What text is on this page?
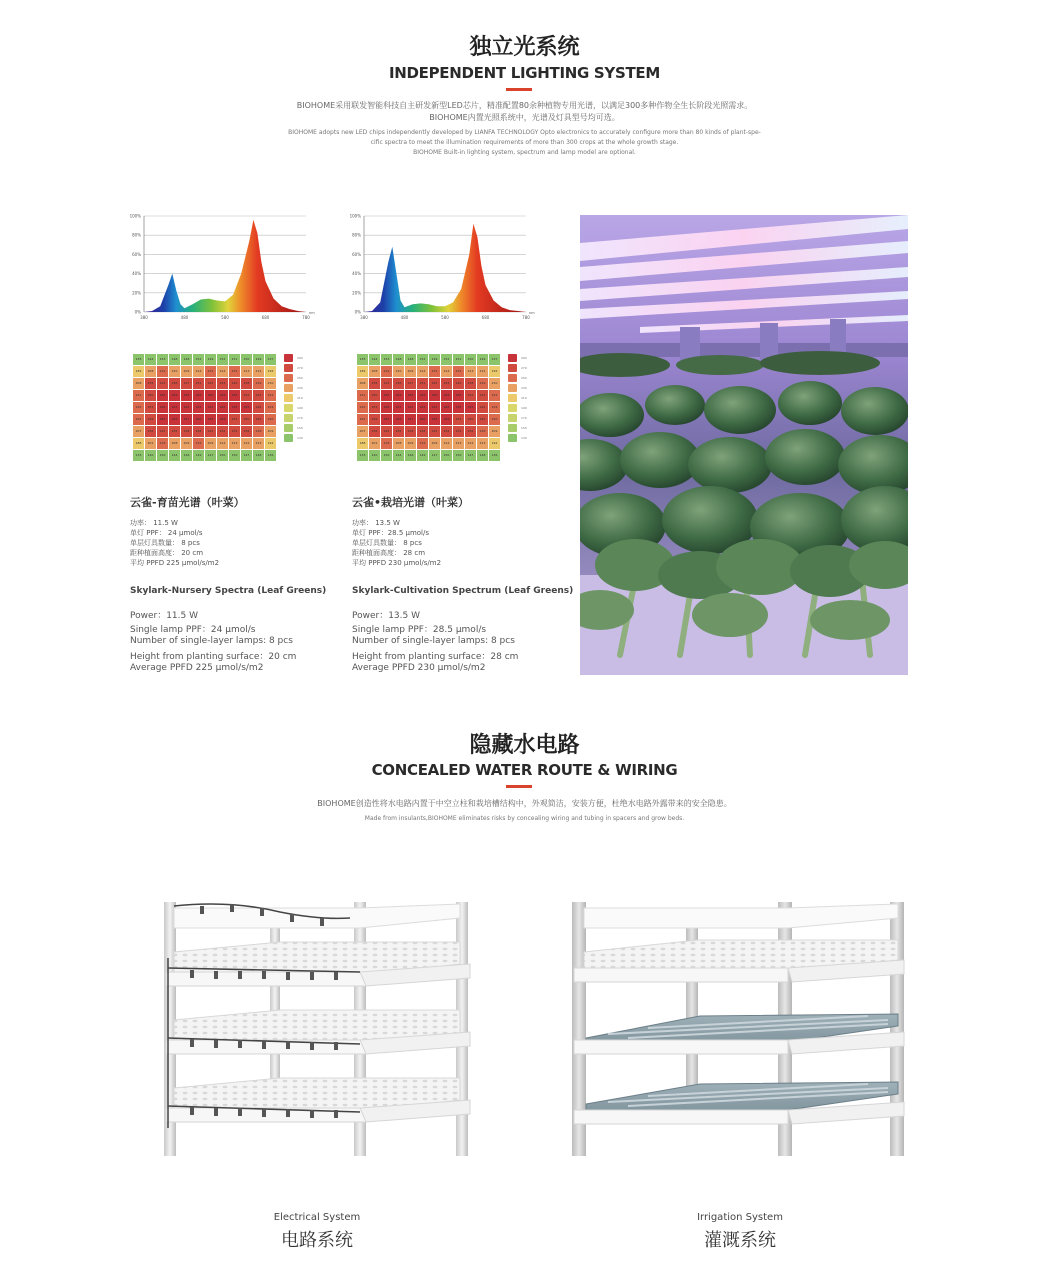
独立光系统
INDEPENDENT LIGHTING SYSTEM
BIOHOME采用联发智能科技自主研发新型LED芯片，精准配置80余种植物专用光谱，以满足300多种作物全生长阶段光照需求。
BIOHOME内置光照系统中，光谱及灯具型号均可选。
BIOHOME adopts new LED chips independently developed by LIANFA TECHNOLOGY Opto electronics to accurately configure more than 80 kinds of plant-spe-
cific spectra to meet the illumination requirements of more than 300 crops at the whole growth stage.
BIOHOME Built-in lighting system, spectrum and lamp model are optional.
100%
80%
60%
40%
20%
0%
380	480	580	680	780
nm
100%
80%
60%
40%
20%
0%
380	480	580	680	780
nm
135	144	153	148	148	152	149	152	151	150	149	137
189	208	219	210	209	214	215	214	215	213	212	195
208	235	243	246	237	251	245	243	240	238	229	210
221	250	265	264	258	262	260	258	256	252	243	222
225	253	268	267	262	265	263	260	258	256	246	224
222	249	263	262	257	260	258	256	253	250	240	220
207	236	244	245	238	248	244	242	239	236	228	209
188	201	218	208	209	215	209	214	213	212	213	192
133	140	150	144	146	149	147	150	150	147	148	136
290
270
250
230
210
190
170
150
130
135	144	153	148	148	152	149	152	151	150	149	137
189	208	219	210	209	214	215	214	215	213	212	195
208	235	243	246	237	251	245	243	240	238	229	210
221	250	265	264	258	262	260	258	256	252	243	222
225	253	268	267	262	265	263	260	258	256	246	224
222	249	263	262	257	260	258	256	253	250	240	220
207	236	244	245	238	248	244	242	239	236	228	209
188	201	218	208	209	215	209	214	213	212	213	192
133	140	150	144	146	149	147	150	150	147	148	136
290
270
250
230
210
190
170
150
130
云雀-育苗光谱（叶菜）
功率： 11.5 W
单灯 PPF： 24 μmol/s
单层灯具数量： 8 pcs
距种植面高度： 20 cm
平均 PPFD 225 μmol/s/m2
Skylark-Nursery Spectra (Leaf Greens)
Power：11.5 W
Single lamp PPF：24 μmol/s
Number of single-layer lamps: 8 pcs
Height from planting surface：20 cm
Average PPFD 225 μmol/s/m2
云雀•栽培光谱（叶菜）
功率： 13.5 W
单灯 PPF：28.5 μmol/s
单层灯具数量： 8 pcs
距种植面高度： 28 cm
平均 PPFD 230 μmol/s/m2
Skylark-Cultivation Spectrum (Leaf Greens)
Power：13.5 W
Single lamp PPF：28.5 μmol/s
Number of single-layer lamps: 8 pcs
Height from planting surface：28 cm
Average PPFD 230 μmol/s/m2
隐藏水电路
CONCEALED WATER ROUTE & WIRING
BIOHOME创造性将水电路内置于中空立柱和栽培槽结构中，外观简洁，安装方便，杜绝水电路外露带来的安全隐患。
Made from insulants,BIOHOME eliminates risks by concealing wiring and tubing in spacers and grow beds.
Electrical System
电路系统
Irrigation System
灌溉系统
